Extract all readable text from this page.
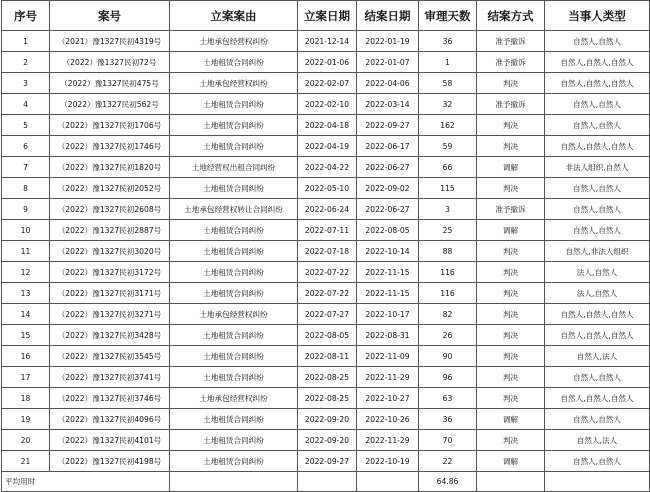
序号	案号	立案案由	立案日期	结案日期	审理天数	结案方式	当事人类型
1	（2021）豫1327民初4319号	土地承包经营权纠纷	2021-12-14	2022-01-19	36	准予撤诉	自然人,自然人
2	（2022）豫1327民初72号	土地租赁合同纠纷	2022-01-06	2022-01-07	1	准予撤诉	自然人,自然人,自然人
3	（2022）豫1327民初475号	土地承包经营权纠纷	2022-02-07	2022-04-06	58	判决	自然人,自然人,自然人
4	（2022）豫1327民初562号	土地租赁合同纠纷	2022-02-10	2022-03-14	32	准予撤诉	自然人,自然人
5	（2022）豫1327民初1706号	土地租赁合同纠纷	2022-04-18	2022-09-27	162	判决	自然人,自然人
6	（2022）豫1327民初1746号	土地租赁合同纠纷	2022-04-19	2022-06-17	59	判决	自然人,自然人,自然人
7	（2022）豫1327民初1820号	土地经营权出租合同纠纷	2022-04-22	2022-06-27	66	调解	非法人组织,自然人
8	（2022）豫1327民初2052号	土地租赁合同纠纷	2022-05-10	2022-09-02	115	判决	自然人,自然人
9	（2022）豫1327民初2608号	土地承包经营权转让合同纠纷	2022-06-24	2022-06-27	3	准予撤诉	自然人,自然人
10	（2022）豫1327民初2887号	土地租赁合同纠纷	2022-07-11	2022-08-05	25	调解	自然人,自然人
11	（2022）豫1327民初3020号	土地租赁合同纠纷	2022-07-18	2022-10-14	88	判决	自然人,非法人组织
12	（2022）豫1327民初3172号	土地租赁合同纠纷	2022-07-22	2022-11-15	116	判决	法人,自然人
13	（2022）豫1327民初3171号	土地租赁合同纠纷	2022-07-22	2022-11-15	116	判决	法人,自然人
14	（2022）豫1327民初3271号	土地承包经营权纠纷	2022-07-27	2022-10-17	82	判决	自然人,自然人,自然人
15	（2022）豫1327民初3428号	土地租赁合同纠纷	2022-08-05	2022-08-31	26	判决	自然人,自然人,自然人
16	（2022）豫1327民初3545号	土地租赁合同纠纷	2022-08-11	2022-11-09	90	判决	自然人,法人
17	（2022）豫1327民初3741号	土地租赁合同纠纷	2022-08-25	2022-11-29	96	判决	自然人,自然人
18	（2022）豫1327民初3746号	土地承包经营权纠纷	2022-08-25	2022-10-27	63	判决	自然人,自然人,自然人
19	（2022）豫1327民初4096号	土地租赁合同纠纷	2022-09-20	2022-10-26	36	调解	自然人,自然人
20	（2022）豫1327民初4101号	土地租赁合同纠纷	2022-09-20	2022-11-29	70	判决	自然人,法人
21	（2022）豫1327民初4198号	土地租赁合同纠纷	2022-09-27	2022-10-19	22	调解	自然人,自然人
平均用时					64.86		
